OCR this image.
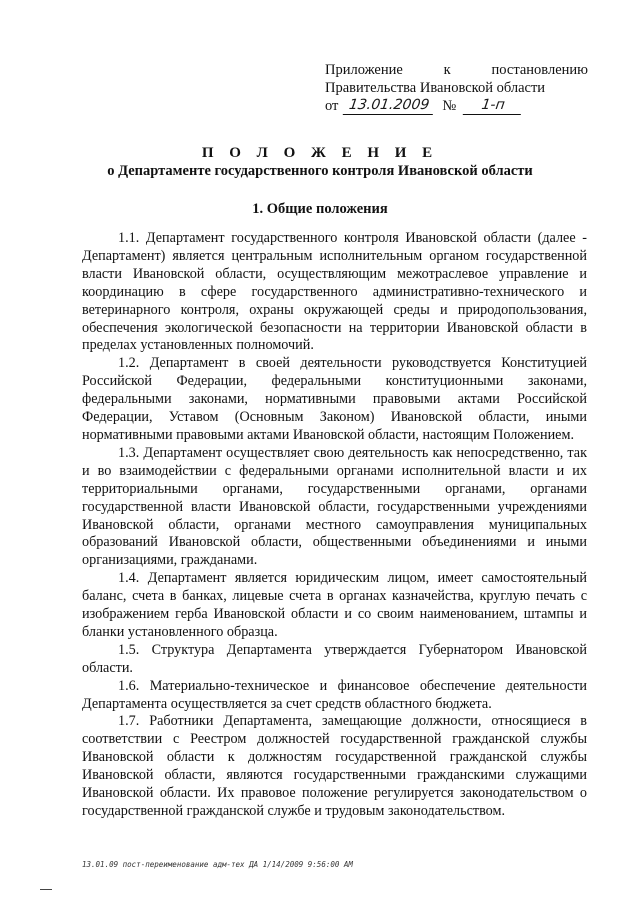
Приложение	к	постановлению
Правительства Ивановской области
от 13.01.2009 №	1-п
П О Л О Ж Е Н И Е
о Департаменте государственного контроля Ивановской области
1. Общие положения

1.1. Департамент государственного контроля Ивановской области (далее - Департамент) является центральным исполнительным органом государственной власти Ивановской области, осуществляющим межотраслевое управление и координацию в сфере государственного административно-технического и ветеринарного контроля, охраны окружающей среды и природопользования, обеспечения экологической безопасности на территории Ивановской области в пределах установленных полномочий.

1.2. Департамент в своей деятельности руководствуется Конституцией Российской Федерации, федеральными конституционными законами, федеральными законами, нормативными правовыми актами Российской Федерации, Уставом (Основным Законом) Ивановской области, иными нормативными правовыми актами Ивановской области, настоящим Положением.

1.3. Департамент осуществляет свою деятельность как непосредственно, так и во взаимодействии с федеральными органами исполнительной власти и их территориальными органами, государственными органами, органами государственной власти Ивановской области, государственными учреждениями Ивановской области, органами местного самоуправления муниципальных образований Ивановской области, общественными объединениями и иными организациями, гражданами.

1.4. Департамент является юридическим лицом, имеет самостоятельный баланс, счета в банках, лицевые счета в органах казначейства, круглую печать с изображением герба Ивановской области и со своим наименованием, штампы и бланки установленного образца.

1.5. Структура Департамента утверждается Губернатором Ивановской области.

1.6. Материально-техническое и финансовое обеспечение деятельности Департамента осуществляется за счет средств областного бюджета.

1.7. Работники Департамента, замещающие должности, относящиеся в соответствии с Реестром должностей государственной гражданской службы Ивановской области к должностям государственной гражданской службы Ивановской области, являются государственными гражданскими служащими Ивановской области. Их правовое положение регулируется законодательством о государственной гражданской службе и трудовым законодательством.

13.01.09 пост-переименование адм-тех ДА 1/14/2009 9:56:00 AM
